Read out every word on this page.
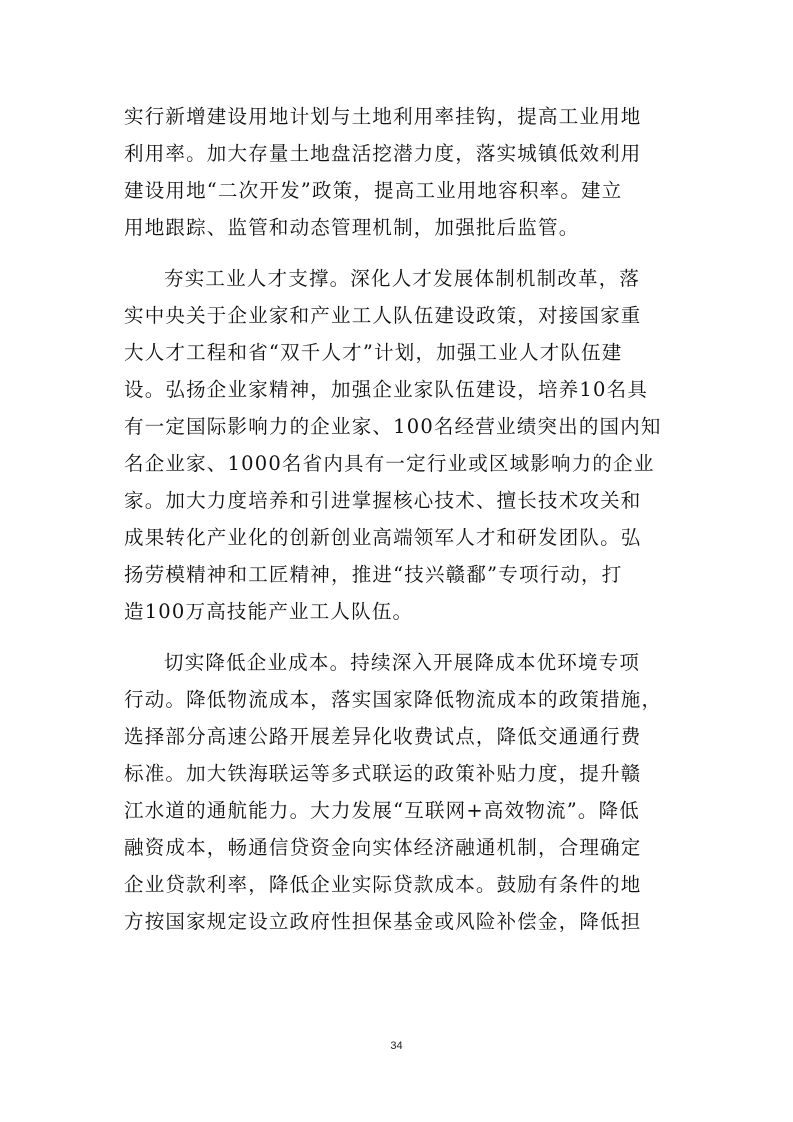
实行新增建设用地计划与土地利用率挂钩，提高工业用地
利用率。加大存量土地盘活挖潜力度，落实城镇低效利用
建设用地“二次开发”政策，提高工业用地容积率。建立
用地跟踪、监管和动态管理机制，加强批后监管。
夯实工业人才支撑。深化人才发展体制机制改革，落
实中央关于企业家和产业工人队伍建设政策，对接国家重
大人才工程和省“双千人才”计划，加强工业人才队伍建
设。弘扬企业家精神，加强企业家队伍建设，培养10名具
有一定国际影响力的企业家、100名经营业绩突出的国内知
名企业家、1000名省内具有一定行业或区域影响力的企业
家。加大力度培养和引进掌握核心技术、擅长技术攻关和
成果转化产业化的创新创业高端领军人才和研发团队。弘
扬劳模精神和工匠精神，推进“技兴赣鄱”专项行动，打
造100万高技能产业工人队伍。
切实降低企业成本。持续深入开展降成本优环境专项
行动。降低物流成本，落实国家降低物流成本的政策措施，
选择部分高速公路开展差异化收费试点，降低交通通行费
标准。加大铁海联运等多式联运的政策补贴力度，提升赣
江水道的通航能力。大力发展“互联网+高效物流”。降低
融资成本，畅通信贷资金向实体经济融通机制，合理确定
企业贷款利率，降低企业实际贷款成本。鼓励有条件的地
方按国家规定设立政府性担保基金或风险补偿金，降低担
34
